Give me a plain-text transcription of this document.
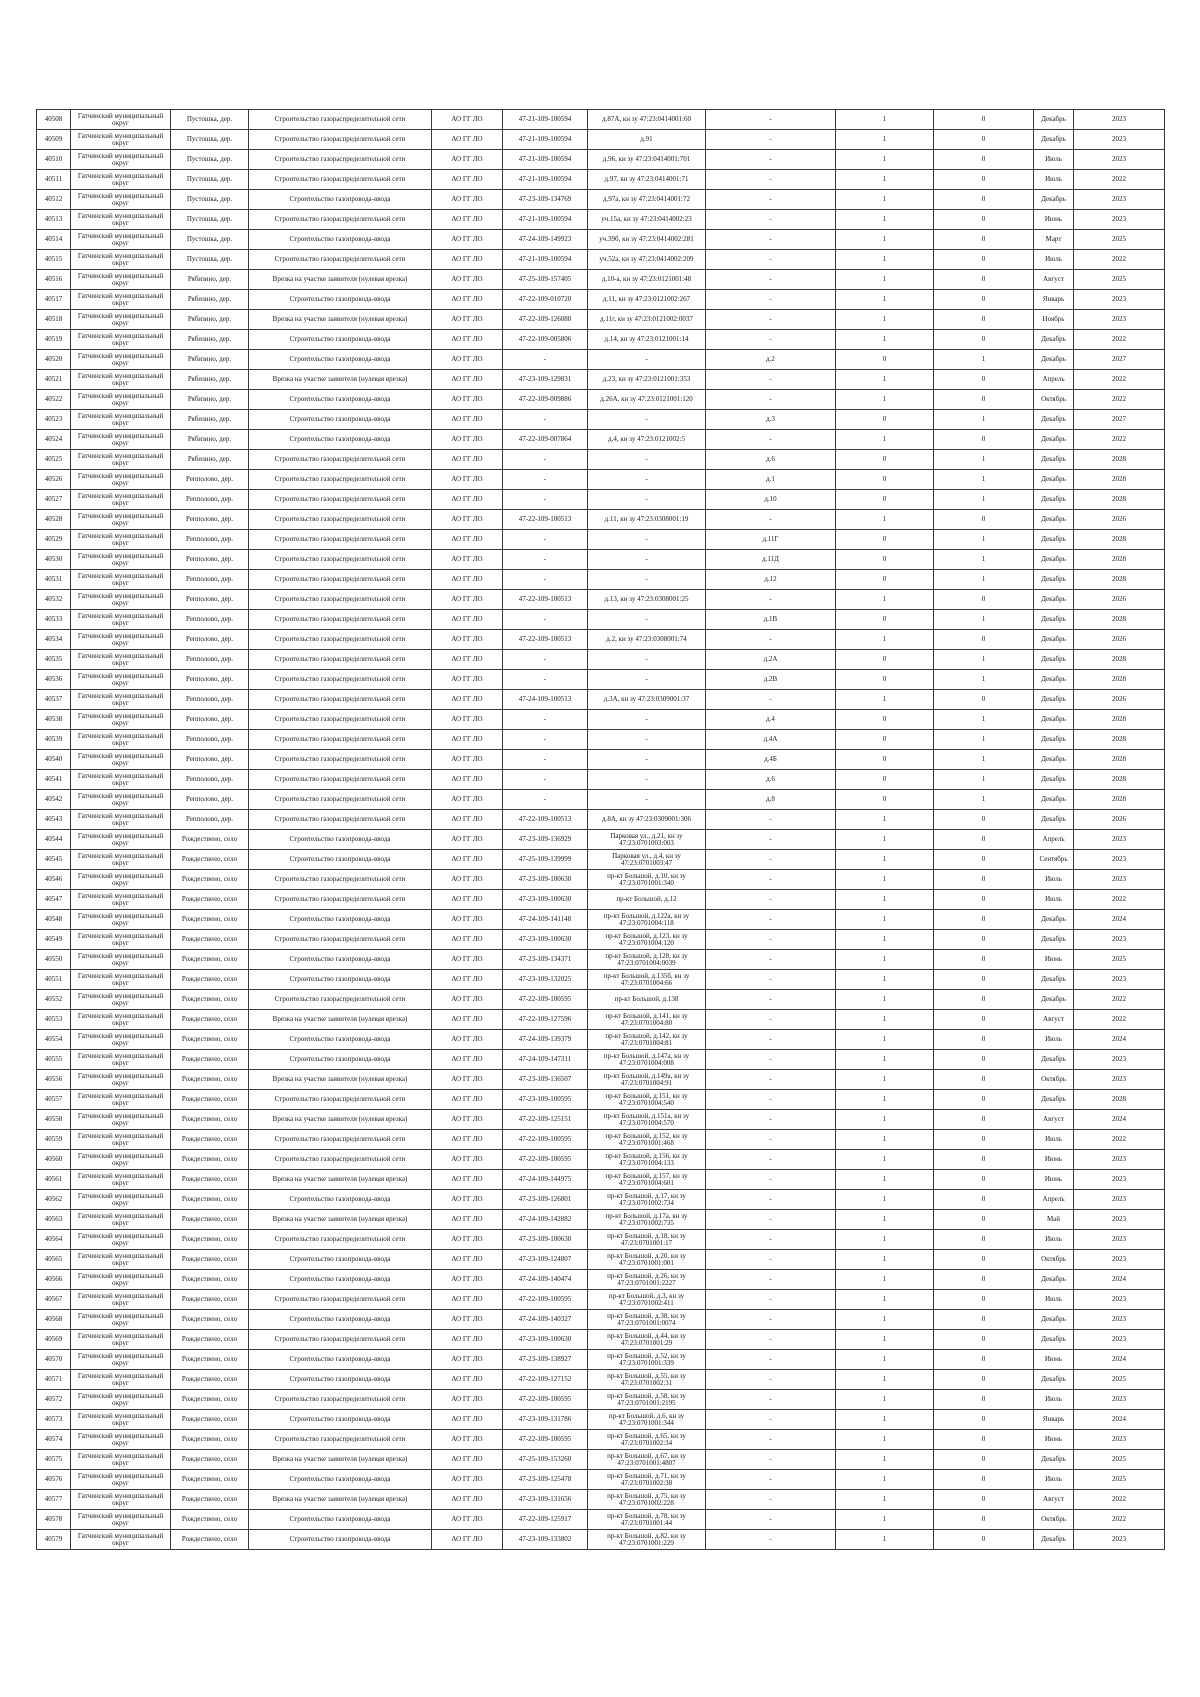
40508	Гатчинский муниципальный округ	Пустошка, дер.	Строительство газораспределительной сети	АО ГГ ЛО	47-21-109-100594	д.87А, кн зу 47:23:0414001:60	-	1	0	Декабрь	2023
40509	Гатчинский муниципальный округ	Пустошка, дер.	Строительство газораспределительной сети	АО ГГ ЛО	47-21-109-100594	д.91	-	1	0	Декабрь	2023
40510	Гатчинский муниципальный округ	Пустошка, дер.	Строительство газораспределительной сети	АО ГГ ЛО	47-21-109-100594	д.96, кн зу 47:23:0414001:701	-	1	0	Июль	2023
40511	Гатчинский муниципальный округ	Пустошка, дер.	Строительство газораспределительной сети	АО ГГ ЛО	47-21-109-100594	д.97, кн зу 47:23:0414001:71	-	1	0	Июль	2022
40512	Гатчинский муниципальный округ	Пустошка, дер.	Строительство газопровода-ввода	АО ГГ ЛО	47-23-109-134769	д.97а, кн зу 47:23:0414001:72	-	1	0	Декабрь	2023
40513	Гатчинский муниципальный округ	Пустошка, дер.	Строительство газораспределительной сети	АО ГГ ЛО	47-21-109-100594	уч.15а, кн зу 47:23:0414002:23	-	1	0	Июнь	2023
40514	Гатчинский муниципальный округ	Пустошка, дер.	Строительство газопровода-ввода	АО ГГ ЛО	47-24-109-149923	уч.39б, кн зу 47:23:0414002:281	-	1	0	Март	2025
40515	Гатчинский муниципальный округ	Пустошка, дер.	Строительство газораспределительной сети	АО ГГ ЛО	47-21-109-100594	уч.52а, кн зу 47:23:0414002:209	-	1	0	Июль	2022
40516	Гатчинский муниципальный округ	Рябизино, дер.	Врезка на участке заявителя (нулевая врезка)	АО ГГ ЛО	47-25-109-157405	д.10-а, кн зу 47:23:0121001:48	-	1	0	Август	2025
40517	Гатчинский муниципальный округ	Рябизино, дер.	Строительство газопровода-ввода	АО ГГ ЛО	47-22-109-010720	д.11, кн зу 47:23:0121002:267	-	1	0	Январь	2023
40518	Гатчинский муниципальный округ	Рябизино, дер.	Врезка на участке заявителя (нулевая врезка)	АО ГГ ЛО	47-22-109-126080	д.11г, кн зу 47:23:0121002:0037	-	1	0	Ноябрь	2023
40519	Гатчинский муниципальный округ	Рябизино, дер.	Строительство газопровода-ввода	АО ГГ ЛО	47-22-109-005806	д.14, кн зу 47:23:0121001:14	-	1	0	Декабрь	2022
40520	Гатчинский муниципальный округ	Рябизино, дер.	Строительство газопровода-ввода	АО ГГ ЛО	-	-	д.2	0	1	Декабрь	2027
40521	Гатчинский муниципальный округ	Рябизино, дер.	Врезка на участке заявителя (нулевая врезка)	АО ГГ ЛО	47-23-109-129831	д.23, кн зу 47:23:0121001:353	-	1	0	Апрель	2022
40522	Гатчинский муниципальный округ	Рябизино, дер.	Строительство газопровода-ввода	АО ГГ ЛО	47-22-109-009886	д.26А, кн зу 47:23:0121001:120	-	1	0	Октябрь	2022
40523	Гатчинский муниципальный округ	Рябизино, дер.	Строительство газопровода-ввода	АО ГГ ЛО	-	-	д.3	0	1	Декабрь	2027
40524	Гатчинский муниципальный округ	Рябизино, дер.	Строительство газопровода-ввода	АО ГГ ЛО	47-22-109-007864	д.4, кн зу 47:23:0121002:5	-	1	0	Декабрь	2022
40525	Гатчинский муниципальный округ	Рябизино, дер.	Строительство газораспределительной сети	АО ГГ ЛО	-	-	д.6	0	1	Декабрь	2028
40526	Гатчинский муниципальный округ	Репполово, дер.	Строительство газораспределительной сети	АО ГГ ЛО	-	-	д.1	0	1	Декабрь	2028
40527	Гатчинский муниципальный округ	Репполово, дер.	Строительство газораспределительной сети	АО ГГ ЛО	-	-	д.10	0	1	Декабрь	2028
40528	Гатчинский муниципальный округ	Репполово, дер.	Строительство газораспределительной сети	АО ГГ ЛО	47-22-109-100513	д.11, кн зу 47:23:0308001:19	-	1	0	Декабрь	2026
40529	Гатчинский муниципальный округ	Репполово, дер.	Строительство газораспределительной сети	АО ГГ ЛО	-	-	д.11Г	0	1	Декабрь	2028
40530	Гатчинский муниципальный округ	Репполово, дер.	Строительство газораспределительной сети	АО ГГ ЛО	-	-	д.11Д	0	1	Декабрь	2028
40531	Гатчинский муниципальный округ	Репполово, дер.	Строительство газораспределительной сети	АО ГГ ЛО	-	-	д.12	0	1	Декабрь	2028
40532	Гатчинский муниципальный округ	Репполово, дер.	Строительство газораспределительной сети	АО ГГ ЛО	47-22-109-100513	д.13, кн зу 47:23:0308001:25	-	1	0	Декабрь	2026
40533	Гатчинский муниципальный округ	Репполово, дер.	Строительство газораспределительной сети	АО ГГ ЛО	-	-	д.1В	0	1	Декабрь	2028
40534	Гатчинский муниципальный округ	Репполово, дер.	Строительство газораспределительной сети	АО ГГ ЛО	47-22-109-100513	д.2, кн зу 47:23:0308001:74	-	1	0	Декабрь	2026
40535	Гатчинский муниципальный округ	Репполово, дер.	Строительство газораспределительной сети	АО ГГ ЛО	-	-	д.2А	0	1	Декабрь	2028
40536	Гатчинский муниципальный округ	Репполово, дер.	Строительство газораспределительной сети	АО ГГ ЛО	-	-	д.2В	0	1	Декабрь	2028
40537	Гатчинский муниципальный округ	Репполово, дер.	Строительство газораспределительной сети	АО ГГ ЛО	47-24-109-100513	д.3А, кн зу 47:23:0309001:37	-	1	0	Декабрь	2026
40538	Гатчинский муниципальный округ	Репполово, дер.	Строительство газораспределительной сети	АО ГГ ЛО	-	-	д.4	0	1	Декабрь	2028
40539	Гатчинский муниципальный округ	Репполово, дер.	Строительство газораспределительной сети	АО ГГ ЛО	-	-	д.4А	0	1	Декабрь	2028
40540	Гатчинский муниципальный округ	Репполово, дер.	Строительство газораспределительной сети	АО ГГ ЛО	-	-	д.4Б	0	1	Декабрь	2028
40541	Гатчинский муниципальный округ	Репполово, дер.	Строительство газораспределительной сети	АО ГГ ЛО	-	-	д.6	0	1	Декабрь	2028
40542	Гатчинский муниципальный округ	Репполово, дер.	Строительство газораспределительной сети	АО ГГ ЛО	-	-	д.8	0	1	Декабрь	2028
40543	Гатчинский муниципальный округ	Репполово, дер.	Строительство газораспределительной сети	АО ГГ ЛО	47-22-109-100513	д.8А, кн зу 47:23:0309001:306	-	1	0	Декабрь	2026
40544	Гатчинский муниципальный округ	Рождествено, село	Строительство газопровода-ввода	АО ГГ ЛО	47-23-109-136929	Парковая ул., д.21, кн зу 47:23:0701003:003	-	1	0	Апрель	2023
40545	Гатчинский муниципальный округ	Рождествено, село	Строительство газопровода-ввода	АО ГГ ЛО	47-25-109-139999	Парковая ул., д.4, кн зу 47:23:0701003:47	-	1	0	Сентябрь	2023
40546	Гатчинский муниципальный округ	Рождествено, село	Строительство газораспределительной сети	АО ГГ ЛО	47-23-109-100630	пр-кт Большой, д.10, кн зу 47:23:0701001:340	-	1	0	Июль	2023
40547	Гатчинский муниципальный округ	Рождествено, село	Строительство газораспределительной сети	АО ГГ ЛО	47-23-109-100630	пр-кт Большой, д.12	-	1	0	Июль	2022
40548	Гатчинский муниципальный округ	Рождествено, село	Строительство газопровода-ввода	АО ГГ ЛО	47-24-109-141148	пр-кт Большой, д.122а, кн зу 47:23:0701004:118	-	1	0	Декабрь	2024
40549	Гатчинский муниципальный округ	Рождествено, село	Строительство газораспределительной сети	АО ГГ ЛО	47-23-109-100630	пр-кт Большой, д.123, кн зу 47:23:0701004:120	-	1	0	Декабрь	2023
40550	Гатчинский муниципальный округ	Рождествено, село	Строительство газопровода-ввода	АО ГГ ЛО	47-23-109-134371	пр-кт Большой, д.128, кн зу 47:23:0701004:0039	-	1	0	Июнь	2025
40551	Гатчинский муниципальный округ	Рождествено, село	Строительство газопровода-ввода	АО ГГ ЛО	47-23-109-132025	пр-кт Большой, д.135б, кн зу 47:23:0701004:66	-	1	0	Декабрь	2023
40552	Гатчинский муниципальный округ	Рождествено, село	Строительство газораспределительной сети	АО ГГ ЛО	47-22-109-100595	пр-кт Большой, д.138	-	1	0	Декабрь	2022
40553	Гатчинский муниципальный округ	Рождествено, село	Врезка на участке заявителя (нулевая врезка)	АО ГГ ЛО	47-22-109-127596	пр-кт Большой, д.141, кн зу 47:23:0701004:80	-	1	0	Август	2022
40554	Гатчинский муниципальный округ	Рождествено, село	Строительство газопровода-ввода	АО ГГ ЛО	47-24-109-139379	пр-кт Большой, д.142, кн зу 47:23:0701004:81	-	1	0	Июль	2024
40555	Гатчинский муниципальный округ	Рождествено, село	Строительство газопровода-ввода	АО ГГ ЛО	47-24-109-147311	пр-кт Большой, д.147а, кн зу 47:23:0701004:008	-	1	0	Декабрь	2023
40556	Гатчинский муниципальный округ	Рождествено, село	Врезка на участке заявителя (нулевая врезка)	АО ГГ ЛО	47-23-109-136507	пр-кт Большой, д.149а, кн зу 47:23:0701004:91	-	1	0	Октябрь	2023
40557	Гатчинский муниципальный округ	Рождествено, село	Строительство газораспределительной сети	АО ГГ ЛО	47-23-109-100595	пр-кт Большой, д.151, кн зу 47:23:0701004:540	-	1	0	Декабрь	2028
40558	Гатчинский муниципальный округ	Рождествено, село	Врезка на участке заявителя (нулевая врезка)	АО ГГ ЛО	47-22-109-125151	пр-кт Большой, д.151а, кн зу 47:23:0701004:570	-	1	0	Август	2024
40559	Гатчинский муниципальный округ	Рождествено, село	Строительство газораспределительной сети	АО ГГ ЛО	47-22-109-100595	пр-кт Большой, д.152, кн зу 47:23:0701001:468	-	1	0	Июль	2022
40560	Гатчинский муниципальный округ	Рождествено, село	Строительство газораспределительной сети	АО ГГ ЛО	47-22-109-100595	пр-кт Большой, д.156, кн зу 47:23:0701004:133	-	1	0	Июнь	2023
40561	Гатчинский муниципальный округ	Рождествено, село	Врезка на участке заявителя (нулевая врезка)	АО ГГ ЛО	47-24-109-144975	пр-кт Большой, д.157, кн зу 47:23:0701004:601	-	1	0	Июнь	2023
40562	Гатчинский муниципальный округ	Рождествено, село	Строительство газопровода-ввода	АО ГГ ЛО	47-23-109-126801	пр-кт Большой, д.17, кн зу 47:23:0701002:734	-	1	0	Апрель	2023
40563	Гатчинский муниципальный округ	Рождествено, село	Врезка на участке заявителя (нулевая врезка)	АО ГГ ЛО	47-24-109-142882	пр-кт Большой, д.17а, кн зу 47:23:0701002:735	-	1	0	Май	2023
40564	Гатчинский муниципальный округ	Рождествено, село	Строительство газораспределительной сети	АО ГГ ЛО	47-23-109-100630	пр-кт Большой, д.18, кн зу 47:23:0701001:17	-	1	0	Июль	2023
40565	Гатчинский муниципальный округ	Рождествено, село	Строительство газопровода-ввода	АО ГГ ЛО	47-23-109-124807	пр-кт Большой, д.20, кн зу 47:23:0701001:001	-	1	0	Октябрь	2023
40566	Гатчинский муниципальный округ	Рождествено, село	Строительство газопровода-ввода	АО ГГ ЛО	47-24-109-140474	пр-кт Большой, д.26, кн зу 47:23:0701001:2227	-	1	0	Декабрь	2024
40567	Гатчинский муниципальный округ	Рождествено, село	Строительство газораспределительной сети	АО ГГ ЛО	47-22-109-100595	пр-кт Большой, д.3, кн зу 47:23:0701002:411	-	1	0	Июль	2023
40568	Гатчинский муниципальный округ	Рождествено, село	Строительство газопровода-ввода	АО ГГ ЛО	47-24-109-140327	пр-кт Большой, д.38, кн зу 47:23:0701001:0074	-	1	0	Декабрь	2023
40569	Гатчинский муниципальный округ	Рождествено, село	Строительство газораспределительной сети	АО ГГ ЛО	47-23-109-100630	пр-кт Большой, д.44, кн зу 47:23:0701001:29	-	1	0	Декабрь	2023
40570	Гатчинский муниципальный округ	Рождествено, село	Строительство газопровода-ввода	АО ГГ ЛО	47-23-109-138927	пр-кт Большой, д.52, кн зу 47:23:0701001:339	-	1	0	Июнь	2024
40571	Гатчинский муниципальный округ	Рождествено, село	Строительство газопровода-ввода	АО ГГ ЛО	47-22-109-127152	пр-кт Большой, д.55, кн зу 47:23:0701002:31	-	1	0	Декабрь	2025
40572	Гатчинский муниципальный округ	Рождествено, село	Строительство газораспределительной сети	АО ГГ ЛО	47-22-109-100595	пр-кт Большой, д.58, кн зу 47:23:0701001:2195	-	1	0	Июль	2023
40573	Гатчинский муниципальный округ	Рождествено, село	Строительство газопровода-ввода	АО ГГ ЛО	47-23-109-131786	пр-кт Большой, д.6, кн зу 47:23:0701001:344	-	1	0	Январь	2024
40574	Гатчинский муниципальный округ	Рождествено, село	Строительство газораспределительной сети	АО ГГ ЛО	47-22-109-100595	пр-кт Большой, д.65, кн зу 47:23:0701002:34	-	1	0	Июнь	2023
40575	Гатчинский муниципальный округ	Рождествено, село	Врезка на участке заявителя (нулевая врезка)	АО ГГ ЛО	47-25-109-153260	пр-кт Большой, д.67, кн зу 47:23:0701001:4807	-	1	0	Декабрь	2025
40576	Гатчинский муниципальный округ	Рождествено, село	Строительство газопровода-ввода	АО ГГ ЛО	47-23-109-125478	пр-кт Большой, д.71, кн зу 47:23:0701002:38	-	1	0	Июль	2025
40577	Гатчинский муниципальный округ	Рождествено, село	Врезка на участке заявителя (нулевая врезка)	АО ГГ ЛО	47-23-109-131656	пр-кт Большой, д.75, кн зу 47:23:0701002:228	-	1	0	Август	2022
40578	Гатчинский муниципальный округ	Рождествено, село	Строительство газопровода-ввода	АО ГГ ЛО	47-22-109-125917	пр-кт Большой, д.78, кн зу 47:23:0701001:44	-	1	0	Октябрь	2022
40579	Гатчинский муниципальный округ	Рождествено, село	Строительство газопровода-ввода	АО ГГ ЛО	47-23-109-133802	пр-кт Большой, д.82, кн зу 47:23:0701001:229	-	1	0	Декабрь	2023
